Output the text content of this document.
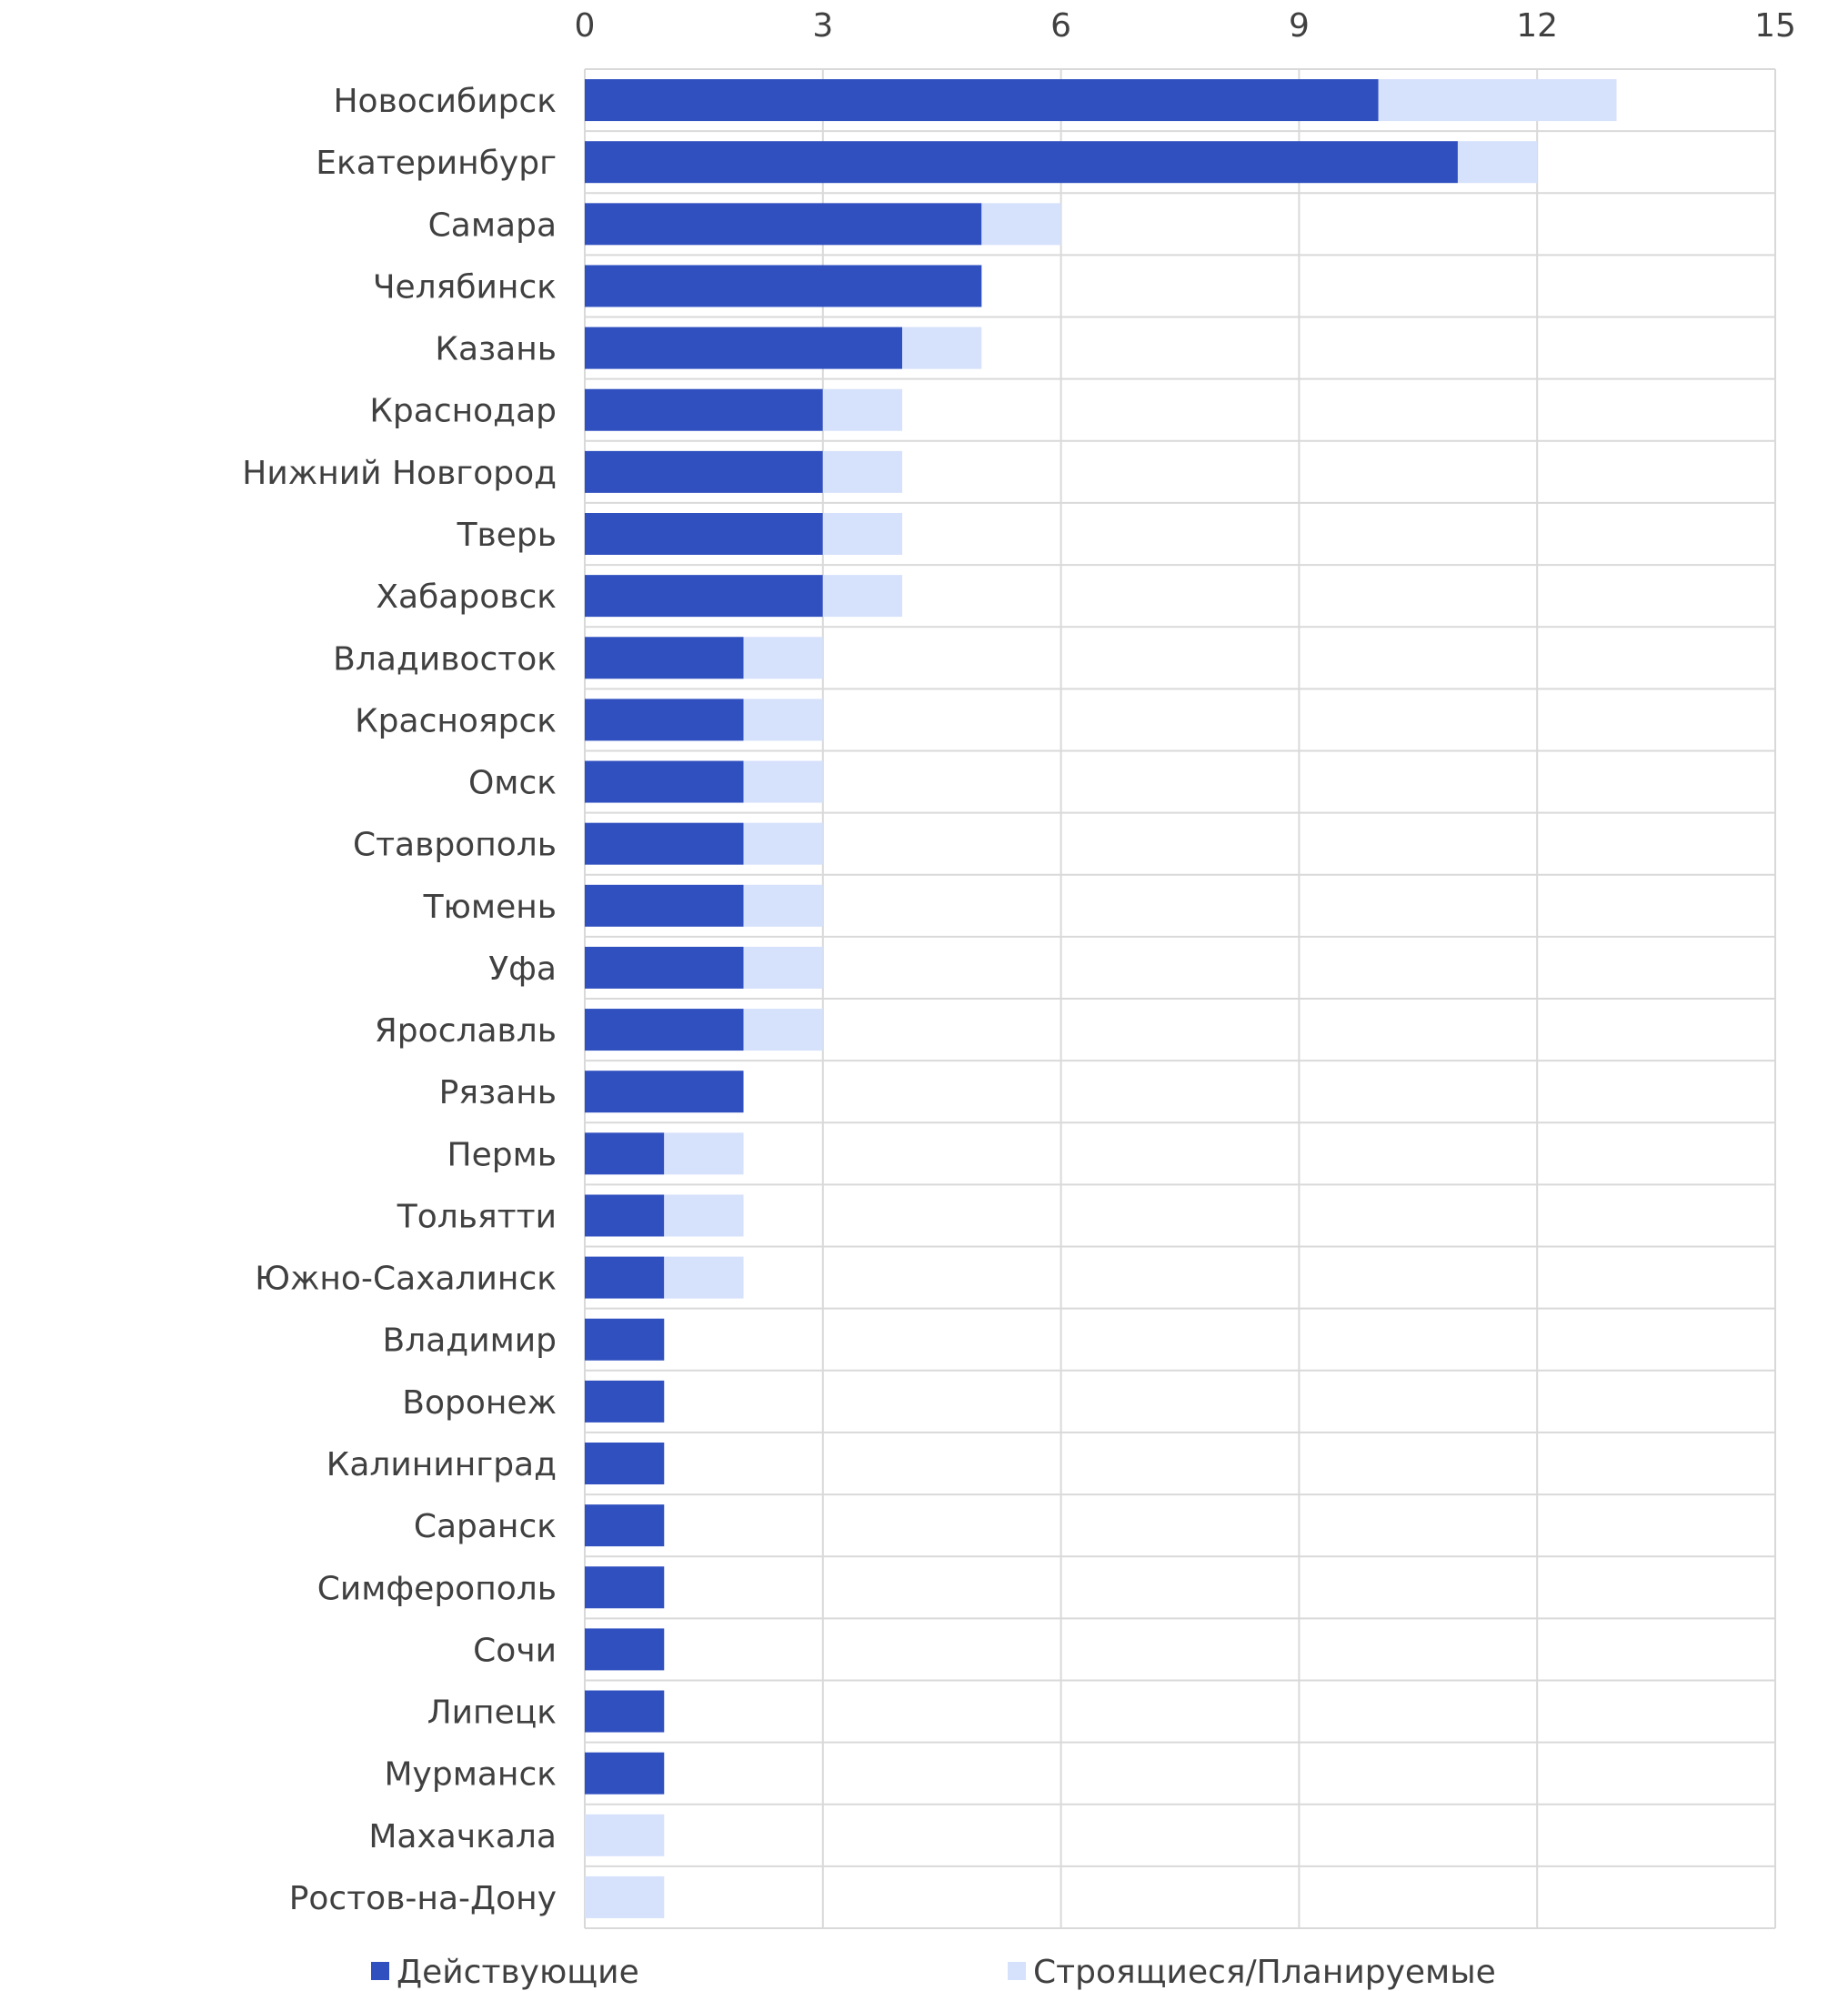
0	3	6	9	12	15
Новосибирск
Екатеринбург
Самара
Челябинск
Казань
Краснодар
Нижний Новгород
Тверь
Хабаровск
Владивосток
Красноярск
Омск
Ставрополь
Тюмень
Уфа
Ярославль
Рязань
Пермь
Тольятти
Южно-Сахалинск
Владимир
Воронеж
Калининград
Саранск
Симферополь
Сочи
Липецк
Мурманск
Махачкала
Ростов-на-Дону
Действующие	Строящиеся/Планируемые
